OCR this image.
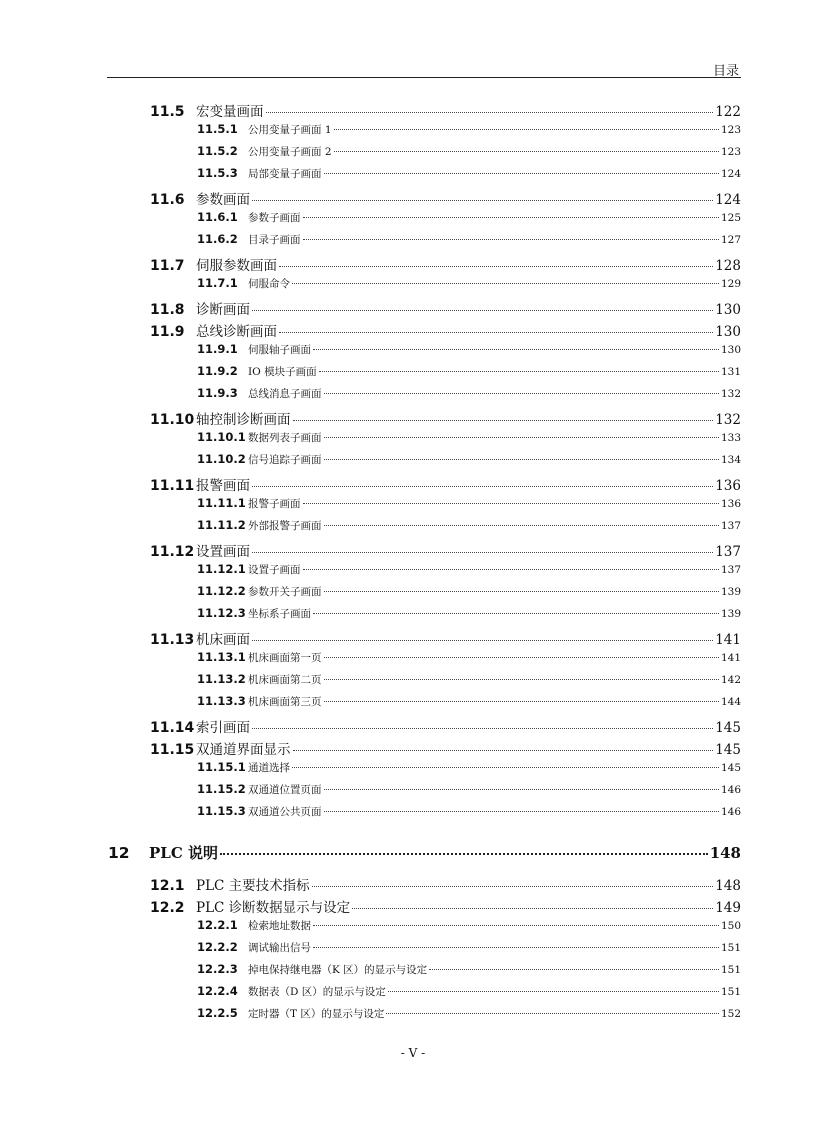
目录
11.5 宏变量画面	122
11.5.1 公用变量子画面 1	123
11.5.2 公用变量子画面 2	123
11.5.3 局部变量子画面	124
11.6 参数画面	124
11.6.1 参数子画面	125
11.6.2 目录子画面	127
11.7 伺服参数画面	128
11.7.1 伺服命令	129
11.8 诊断画面	130
11.9 总线诊断画面	130
11.9.1 伺服轴子画面	130
11.9.2 IO 模块子画面	131
11.9.3 总线消息子画面	132
11.10 轴控制诊断画面	132
11.10.1 数据列表子画面	133
11.10.2 信号追踪子画面	134
11.11 报警画面	136
11.11.1 报警子画面	136
11.11.2 外部报警子画面	137
11.12 设置画面	137
11.12.1 设置子画面	137
11.12.2 参数开关子画面	139
11.12.3 坐标系子画面	139
11.13 机床画面	141
11.13.1 机床画面第一页	141
11.13.2 机床画面第二页	142
11.13.3 机床画面第三页	144
11.14 索引画面	145
11.15 双通道界面显示	145
11.15.1 通道选择	145
11.15.2 双通道位置页面	146
11.15.3 双通道公共页面	146
12	PLC 说明	148
12.1 PLC 主要技术指标	148
12.2 PLC 诊断数据显示与设定	149
12.2.1 检索地址数据	150
12.2.2 调试输出信号	151
12.2.3 掉电保持继电器（K 区）的显示与设定	151
12.2.4 数据表（D 区）的显示与设定	151
12.2.5 定时器（T 区）的显示与设定	152
- V -
